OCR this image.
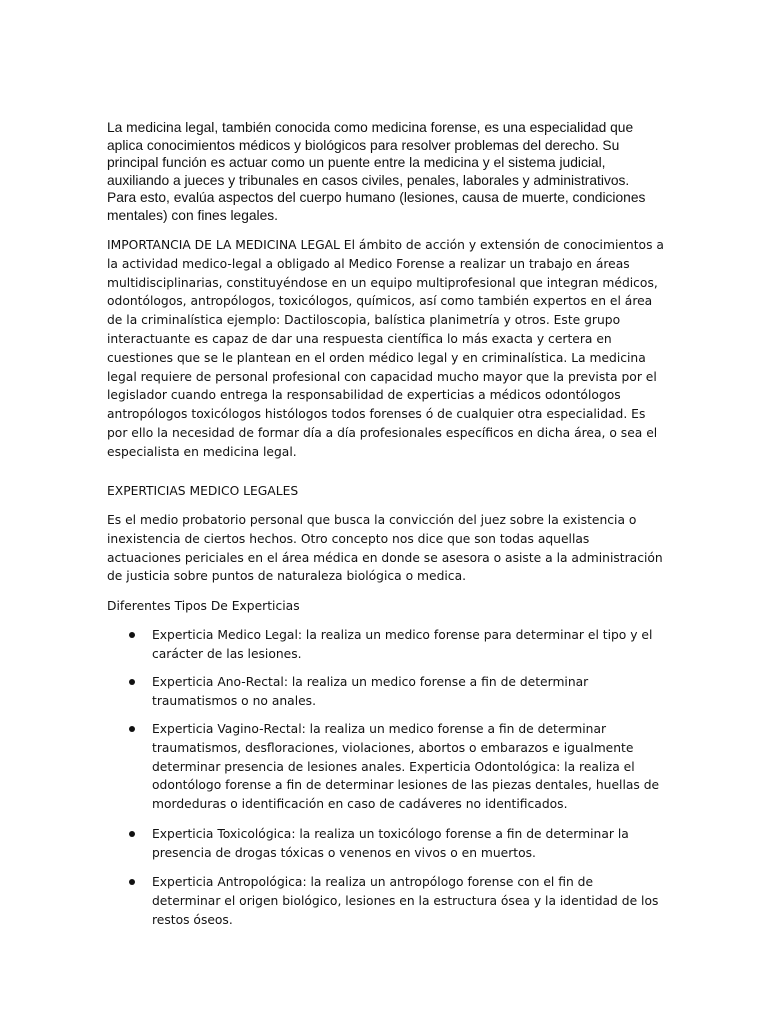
La medicina legal, también conocida como medicina forense, es una especialidad que aplica conocimientos médicos y biológicos para resolver problemas del derecho. Su principal función es actuar como un puente entre la medicina y el sistema judicial, auxiliando a jueces y tribunales en casos civiles, penales, laborales y administrativos. Para esto, evalúa aspectos del cuerpo humano (lesiones, causa de muerte, condiciones mentales) con fines legales.

IMPORTANCIA DE LA MEDICINA LEGAL El ámbito de acción y extensión de conocimientos a la actividad medico-legal a obligado al Medico Forense a realizar un trabajo en áreas multidisciplinarias, constituyéndose en un equipo multiprofesional que integran médicos, odontólogos, antropólogos, toxicólogos, químicos, así como también expertos en el área de la criminalística ejemplo: Dactiloscopia, balística planimetría y otros. Este grupo interactuante es capaz de dar una respuesta científica lo más exacta y certera en cuestiones que se le plantean en el orden médico legal y en criminalística. La medicina legal requiere de personal profesional con capacidad mucho mayor que la prevista por el legislador cuando entrega la responsabilidad de experticias a médicos odontólogos antropólogos toxicólogos histólogos todos forenses ó de cualquier otra especialidad. Es por ello la necesidad de formar día a día profesionales específicos en dicha área, o sea el especialista en medicina legal.

EXPERTICIAS MEDICO LEGALES

Es el medio probatorio personal que busca la convicción del juez sobre la existencia o inexistencia de ciertos hechos. Otro concepto nos dice que son todas aquellas actuaciones periciales en el área médica en donde se asesora o asiste a la administración de justicia sobre puntos de naturaleza biológica o medica.

Diferentes Tipos De Experticias

Experticia Medico Legal: la realiza un medico forense para determinar el tipo y el carácter de las lesiones.
Experticia Ano-Rectal: la realiza un medico forense a fin de determinar traumatismos o no anales.
Experticia Vagino-Rectal: la realiza un medico forense a fin de determinar traumatismos, desfloraciones, violaciones, abortos o embarazos e igualmente determinar presencia de lesiones anales. Experticia Odontológica: la realiza el odontólogo forense a fin de determinar lesiones de las piezas dentales, huellas de mordeduras o identificación en caso de cadáveres no identificados.
Experticia Toxicológica: la realiza un toxicólogo forense a fin de determinar la presencia de drogas tóxicas o venenos en vivos o en muertos.
Experticia Antropológica: la realiza un antropólogo forense con el fin de determinar el origen biológico, lesiones en la estructura ósea y la identidad de los restos óseos.
